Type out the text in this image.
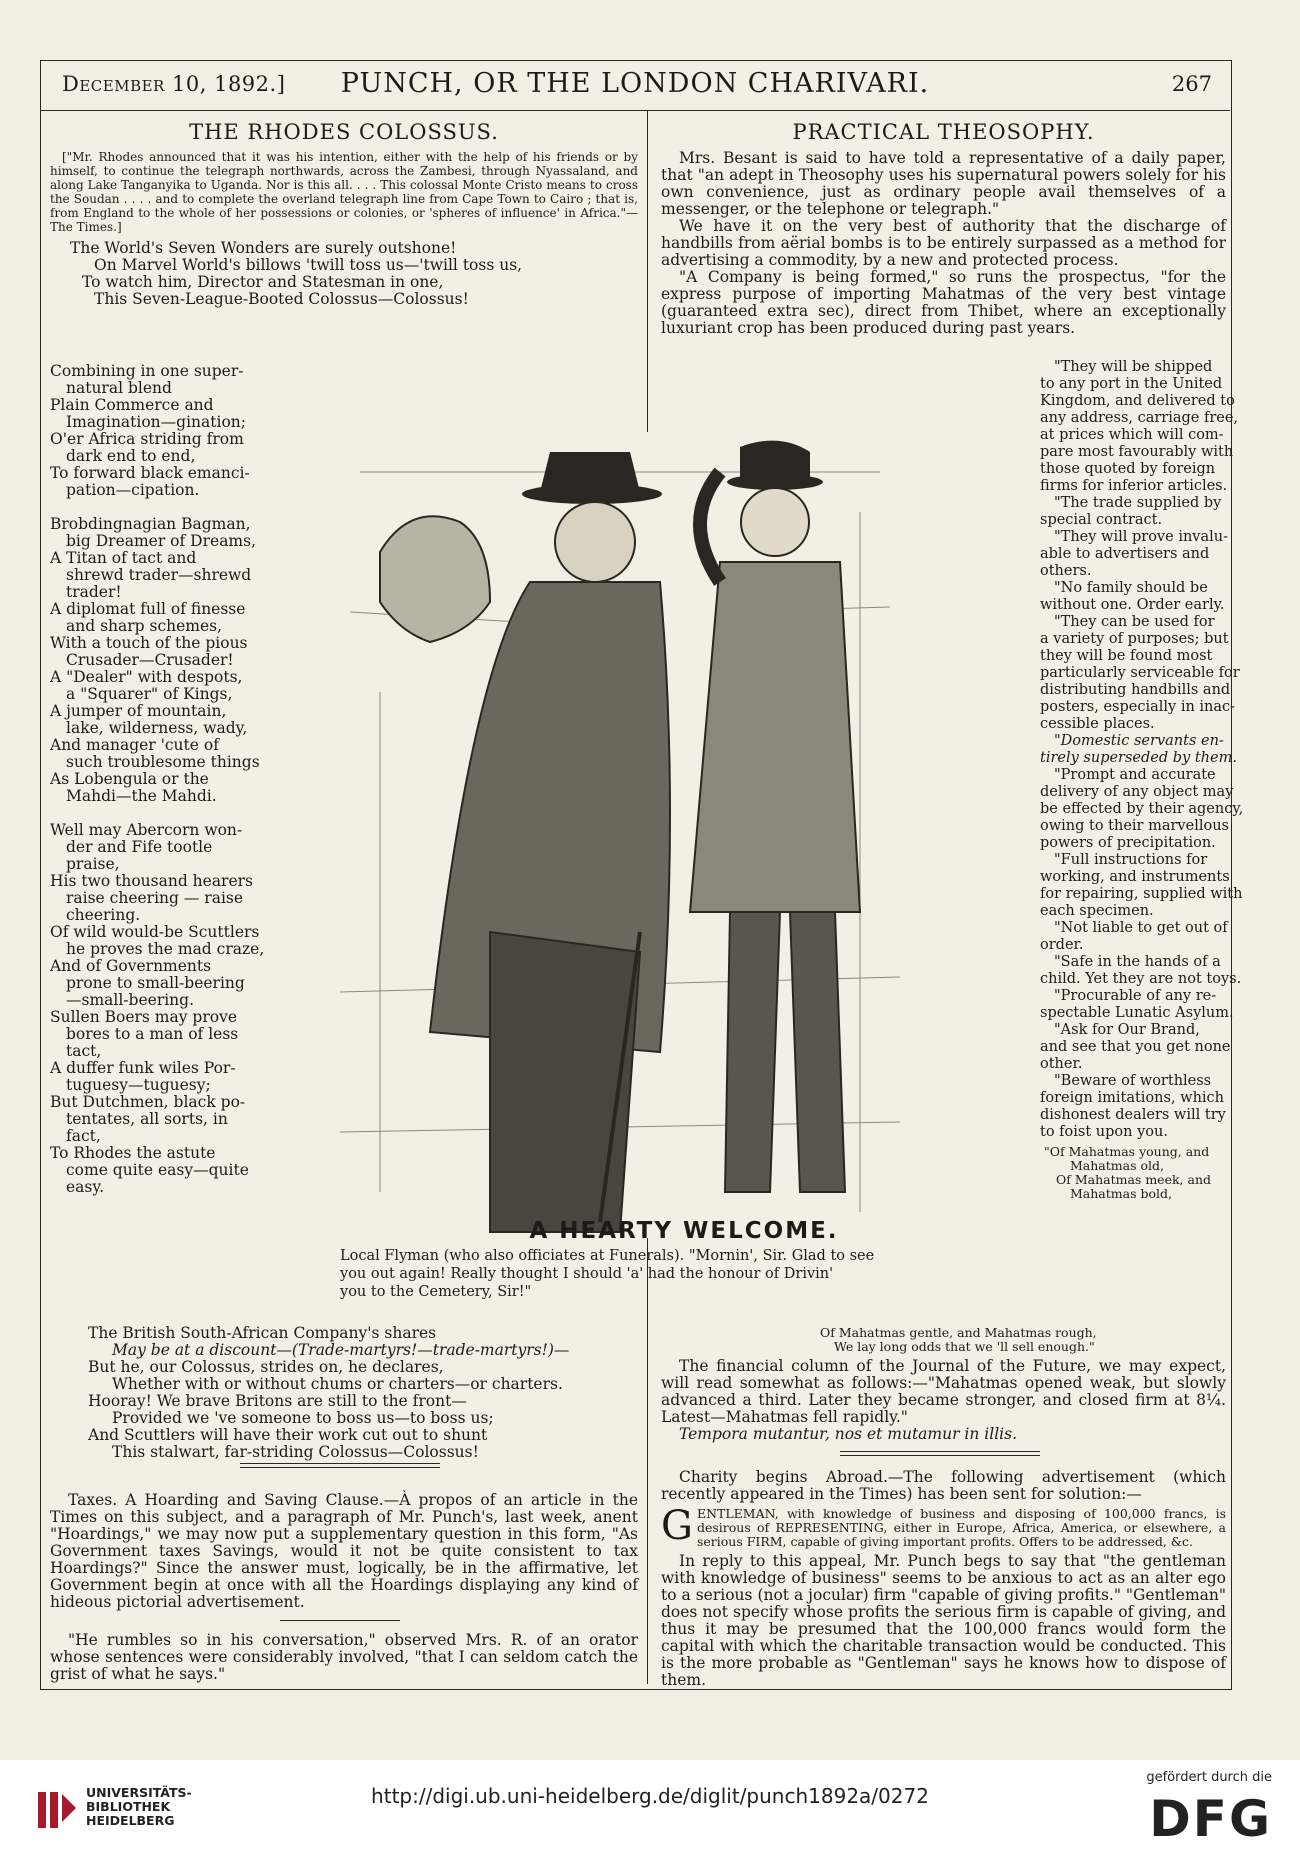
December 10, 1892.]	PUNCH, OR THE LONDON CHARIVARI.	267
THE RHODES COLOSSUS.

["Mr. Rhodes announced that it was his intention, either with the help of his friends or by himself, to continue the telegraph northwards, across the Zambesi, through Nyassaland, and along Lake Tanganyika to Uganda. Nor is this all. . . . This colossal Monte Cristo means to cross the Soudan . . . . and to complete the overland telegraph line from Cape Town to Cairo ; that is, from England to the whole of her possessions or colonies, or 'spheres of influence' in Africa."—The Times.]

The World's Seven Wonders are surely outshone!
On Marvel World's billows 'twill toss us—'twill toss us,
To watch him, Director and Statesman in one,
This Seven-League-Booted Colossus—Colossus!
Combining in one super-
natural blend
Plain Commerce and
Imagination—gination;
O'er Africa striding from
dark end to end,
To forward black emanci-
pation—cipation.
Brobdingnagian Bagman,
big Dreamer of Dreams,
A Titan of tact and
shrewd trader—shrewd
trader!
A diplomat full of finesse
and sharp schemes,
With a touch of the pious
Crusader—Crusader!
A "Dealer" with despots,
a "Squarer" of Kings,
A jumper of mountain,
lake, wilderness, wady,
And manager 'cute of
such troublesome things
As Lobengula or the
Mahdi—the Mahdi.
Well may Abercorn won-
der and Fife tootle
praise,
His two thousand hearers
raise cheering — raise
cheering.
Of wild would-be Scuttlers
he proves the mad craze,
And of Governments
prone to small-beering
—small-beering.
Sullen Boers may prove
bores to a man of less
tact,
A duffer funk wiles Por-
tuguesy—tuguesy;
But Dutchmen, black po-
tentates, all sorts, in
fact,
To Rhodes the astute
come quite easy—quite
easy.
A HEARTY WELCOME.
Local Flyman (who also officiates at Funerals). "Mornin', Sir. Glad to see
you out again! Really thought I should 'a' had the honour of Drivin'
you to the Cemetery, Sir!"
PRACTICAL THEOSOPHY.

Mrs. Besant is said to have told a representative of a daily paper, that "an adept in Theosophy uses his supernatural powers solely for his own convenience, just as ordinary people avail themselves of a messenger, or the telephone or telegraph."

We have it on the very best of authority that the discharge of handbills from aërial bombs is to be entirely surpassed as a method for advertising a commodity, by a new and protected process.

"A Company is being formed," so runs the prospectus, "for the express purpose of importing Mahatmas of the very best vintage (guaranteed extra sec), direct from Thibet, where an exceptionally luxuriant crop has been produced during past years.

"They will be shipped
to any port in the United
Kingdom, and delivered to
any address, carriage free,
at prices which will com-
pare most favourably with
those quoted by foreign
firms for inferior articles.
"The trade supplied by
special contract.
"They will prove invalu-
able to advertisers and
others.
"No family should be
without one. Order early.
"They can be used for
a variety of purposes; but
they will be found most
particularly serviceable for
distributing handbills and
posters, especially in inac-
cessible places.
"Domestic servants en-
tirely superseded by them.
"Prompt and accurate
delivery of any object may
be effected by their agency,
owing to their marvellous
powers of precipitation.
"Full instructions for
working, and instruments
for repairing, supplied with
each specimen.
"Not liable to get out of
order.
"Safe in the hands of a
child. Yet they are not toys.
"Procurable of any re-
spectable Lunatic Asylum.
"Ask for Our Brand,
and see that you get none
other.
"Beware of worthless
foreign imitations, which
dishonest dealers will try
to foist upon you.
"Of Mahatmas young, and
Mahatmas old,
Of Mahatmas meek, and
Mahatmas bold,
The British South-African Company's shares
May be at a discount—(Trade-martyrs!—trade-martyrs!)—
But he, our Colossus, strides on, he declares,
Whether with or without chums or charters—or charters.
Hooray! We brave Britons are still to the front—
Provided we 've someone to boss us—to boss us;
And Scuttlers will have their work cut out to shunt
This stalwart, far-striding Colossus—Colossus!

Taxes. A Hoarding and Saving Clause.—À propos of an article in the Times on this subject, and a paragraph of Mr. Punch's, last week, anent "Hoardings," we may now put a supplementary question in this form, "As Government taxes Savings, would it not be quite consistent to tax Hoardings?" Since the answer must, logically, be in the affirmative, let Government begin at once with all the Hoardings displaying any kind of hideous pictorial advertisement.

"He rumbles so in his conversation," observed Mrs. R. of an orator whose sentences were considerably involved, "that I can seldom catch the grist of what he says."

Of Mahatmas gentle, and Mahatmas rough,
We lay long odds that we 'll sell enough."

The financial column of the Journal of the Future, we may expect, will read somewhat as follows:—"Mahatmas opened weak, but slowly advanced a third. Later they became stronger, and closed firm at 8¼. Latest—Mahatmas fell rapidly."

Tempora mutantur, nos et mutamur in illis.

Charity begins Abroad.—The following advertisement (which recently appeared in the Times) has been sent for solution:—

GENTLEMAN, with knowledge of business and disposing of 100,000 francs, is desirous of REPRESENTING, either in Europe, Africa, America, or elsewhere, a serious FIRM, capable of giving important profits. Offers to be addressed, &c.

In reply to this appeal, Mr. Punch begs to say that "the gentleman with knowledge of business" seems to be anxious to act as an alter ego to a serious (not a jocular) firm "capable of giving profits." "Gentleman" does not specify whose profits the serious firm is capable of giving, and thus it may be presumed that the 100,000 francs would form the capital with which the charitable transaction would be conducted. This is the more probable as "Gentleman" says he knows how to dispose of them.

UNIVERSITÄTS-
BIBLIOTHEK
HEIDELBERG
http://digi.ub.uni-heidelberg.de/diglit/punch1892a/0272
gefördert durch die
DFG
